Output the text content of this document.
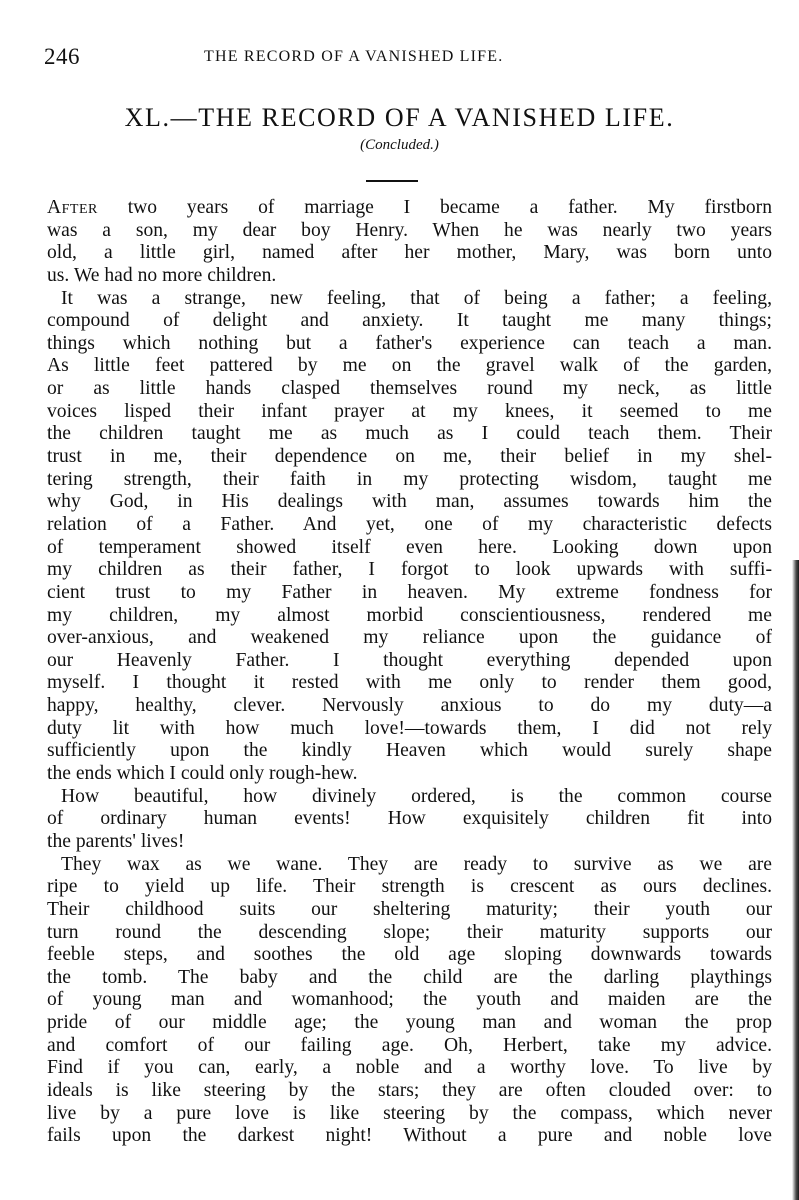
246	THE RECORD OF A VANISHED LIFE.
XL.—THE RECORD OF A VANISHED LIFE.
(Concluded.)
After two years of marriage I became a father. My firstborn
was a son, my dear boy Henry. When he was nearly two years
old, a little girl, named after her mother, Mary, was born unto
us. We had no more children.
It was a strange, new feeling, that of being a father; a feeling,
compound of delight and anxiety. It taught me many things;
things which nothing but a father's experience can teach a man.
As little feet pattered by me on the gravel walk of the garden,
or as little hands clasped themselves round my neck, as little
voices lisped their infant prayer at my knees, it seemed to me
the children taught me as much as I could teach them. Their
trust in me, their dependence on me, their belief in my shel-
tering strength, their faith in my protecting wisdom, taught me
why God, in His dealings with man, assumes towards him the
relation of a Father. And yet, one of my characteristic defects
of temperament showed itself even here. Looking down upon
my children as their father, I forgot to look upwards with suffi-
cient trust to my Father in heaven. My extreme fondness for
my children, my almost morbid conscientiousness, rendered me
over-anxious, and weakened my reliance upon the guidance of
our Heavenly Father. I thought everything depended upon
myself. I thought it rested with me only to render them good,
happy, healthy, clever. Nervously anxious to do my duty—a
duty lit with how much love!—towards them, I did not rely
sufficiently upon the kindly Heaven which would surely shape
the ends which I could only rough-hew.
How beautiful, how divinely ordered, is the common course
of ordinary human events! How exquisitely children fit into
the parents' lives!
They wax as we wane. They are ready to survive as we are
ripe to yield up life. Their strength is crescent as ours declines.
Their childhood suits our sheltering maturity; their youth our
turn round the descending slope; their maturity supports our
feeble steps, and soothes the old age sloping downwards towards
the tomb. The baby and the child are the darling playthings
of young man and womanhood; the youth and maiden are the
pride of our middle age; the young man and woman the prop
and comfort of our failing age. Oh, Herbert, take my advice.
Find if you can, early, a noble and a worthy love. To live by
ideals is like steering by the stars; they are often clouded over: to
live by a pure love is like steering by the compass, which never
fails upon the darkest night! Without a pure and noble love
